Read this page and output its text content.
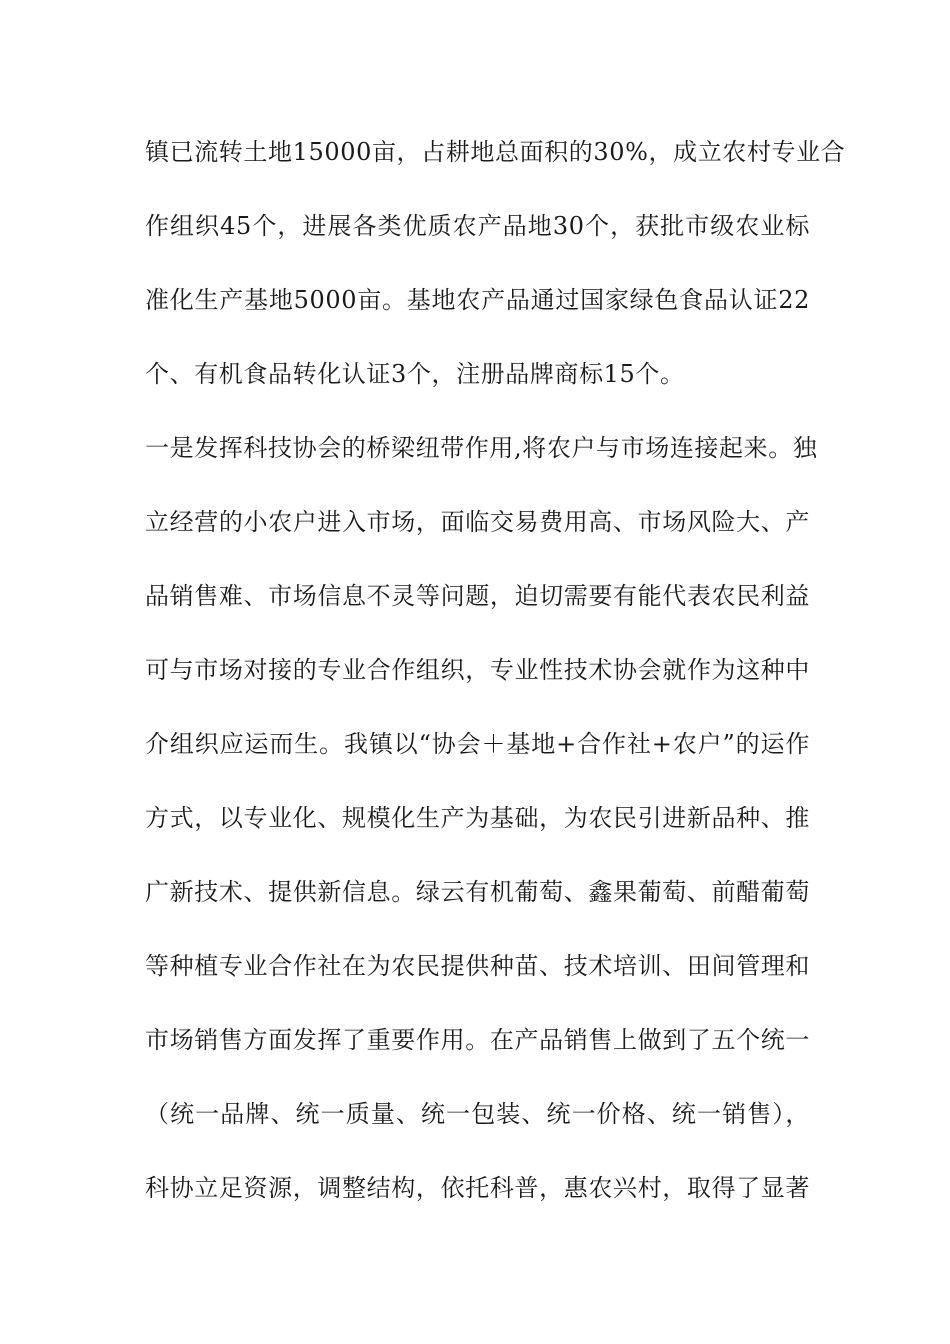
镇已流转土地15000亩，占耕地总面积的30%，成立农村专业合
作组织45个，进展各类优质农产品地30个，获批市级农业标
准化生产基地5000亩。基地农产品通过国家绿色食品认证22
个、有机食品转化认证3个，注册品牌商标15个。
一是发挥科技协会的桥梁纽带作用,将农户与市场连接起来。独
立经营的小农户进入市场，面临交易费用高、市场风险大、产
品销售难、市场信息不灵等问题，迫切需要有能代表农民利益
可与市场对接的专业合作组织，专业性技术协会就作为这种中
介组织应运而生。我镇以“协会＋基地+合作社+农户”的运作
方式，以专业化、规模化生产为基础，为农民引进新品种、推
广新技术、提供新信息。绿云有机葡萄、鑫果葡萄、前醋葡萄
等种植专业合作社在为农民提供种苗、技术培训、田间管理和
市场销售方面发挥了重要作用。在产品销售上做到了五个统一
（统一品牌、统一质量、统一包装、统一价格、统一销售），
科协立足资源，调整结构，依托科普，惠农兴村，取得了显著
